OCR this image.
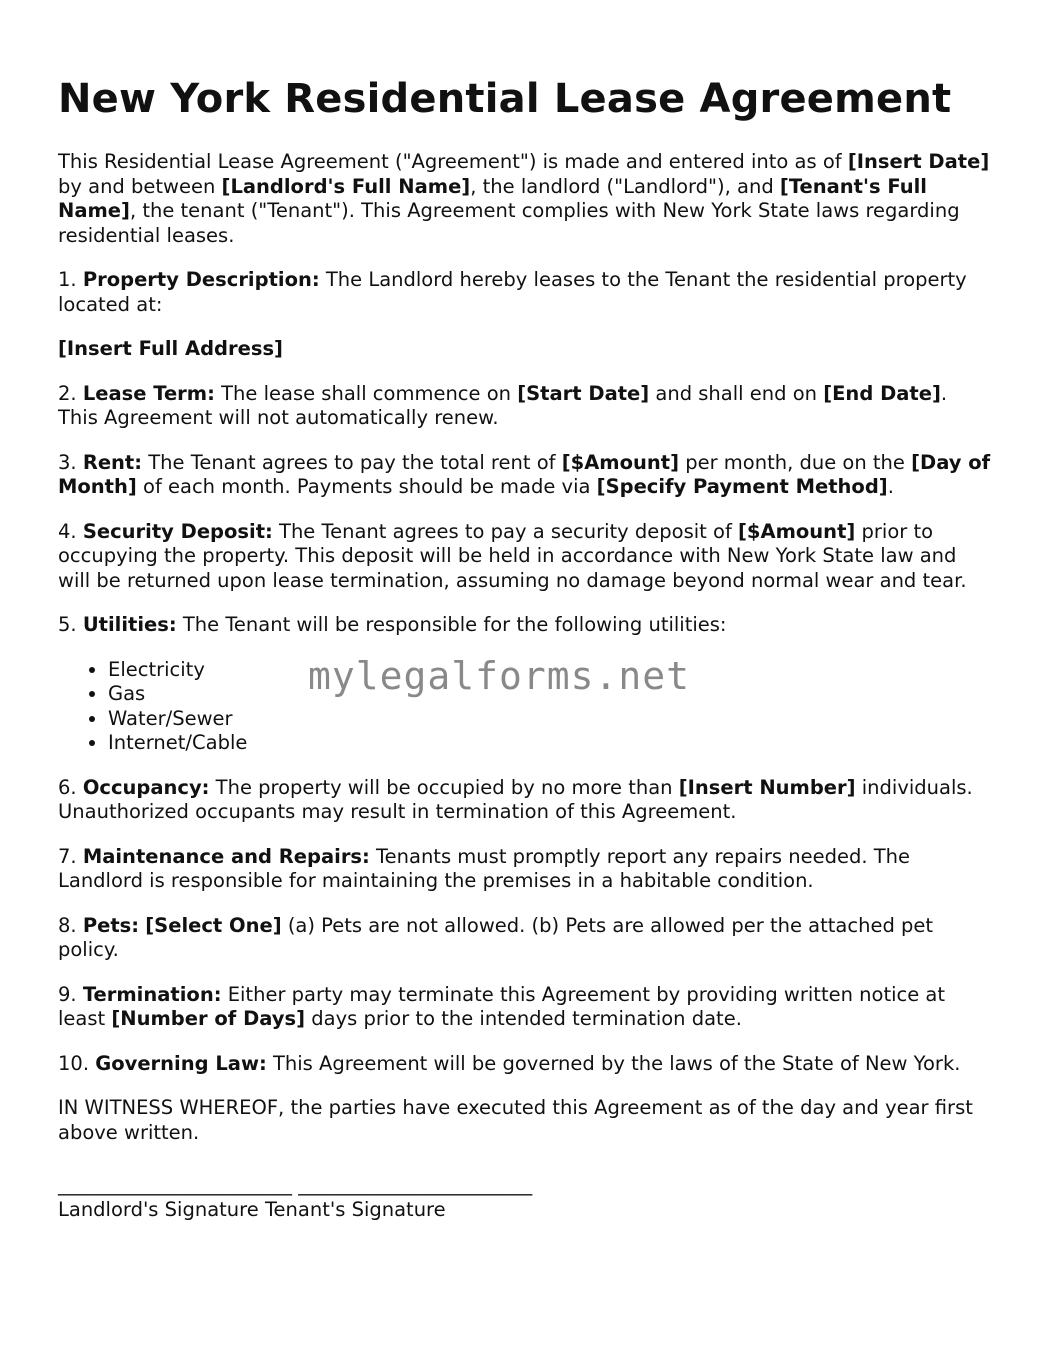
New York Residential Lease Agreement

This Residential Lease Agreement ("Agreement") is made and entered into as of [Insert Date] by and between [Landlord's Full Name], the landlord ("Landlord"), and [Tenant's Full Name], the tenant ("Tenant"). This Agreement complies with New York State laws regarding residential leases.

1. Property Description: The Landlord hereby leases to the Tenant the residential property located at:

[Insert Full Address]

2. Lease Term: The lease shall commence on [Start Date] and shall end on [End Date]. This Agreement will not automatically renew.

3. Rent: The Tenant agrees to pay the total rent of [$Amount] per month, due on the [Day of Month] of each month. Payments should be made via [Specify Payment Method].

4. Security Deposit: The Tenant agrees to pay a security deposit of [$Amount] prior to occupying the property. This deposit will be held in accordance with New York State law and will be returned upon lease termination, assuming no damage beyond normal wear and tear.

5. Utilities: The Tenant will be responsible for the following utilities:

• Electricity
• Gas
• Water/Sewer
• Internet/Cable

6. Occupancy: The property will be occupied by no more than [Insert Number] individuals. Unauthorized occupants may result in termination of this Agreement.

7. Maintenance and Repairs: Tenants must promptly report any repairs needed. The Landlord is responsible for maintaining the premises in a habitable condition.

8. Pets: [Select One] (a) Pets are not allowed. (b) Pets are allowed per the attached pet policy.

9. Termination: Either party may terminate this Agreement by providing written notice at least [Number of Days] days prior to the intended termination date.

10. Governing Law: This Agreement will be governed by the laws of the State of New York.

IN WITNESS WHEREOF, the parties have executed this Agreement as of the day and year first above written.

________________________ ________________________
Landlord's Signature Tenant's Signature
mylegalforms.net
